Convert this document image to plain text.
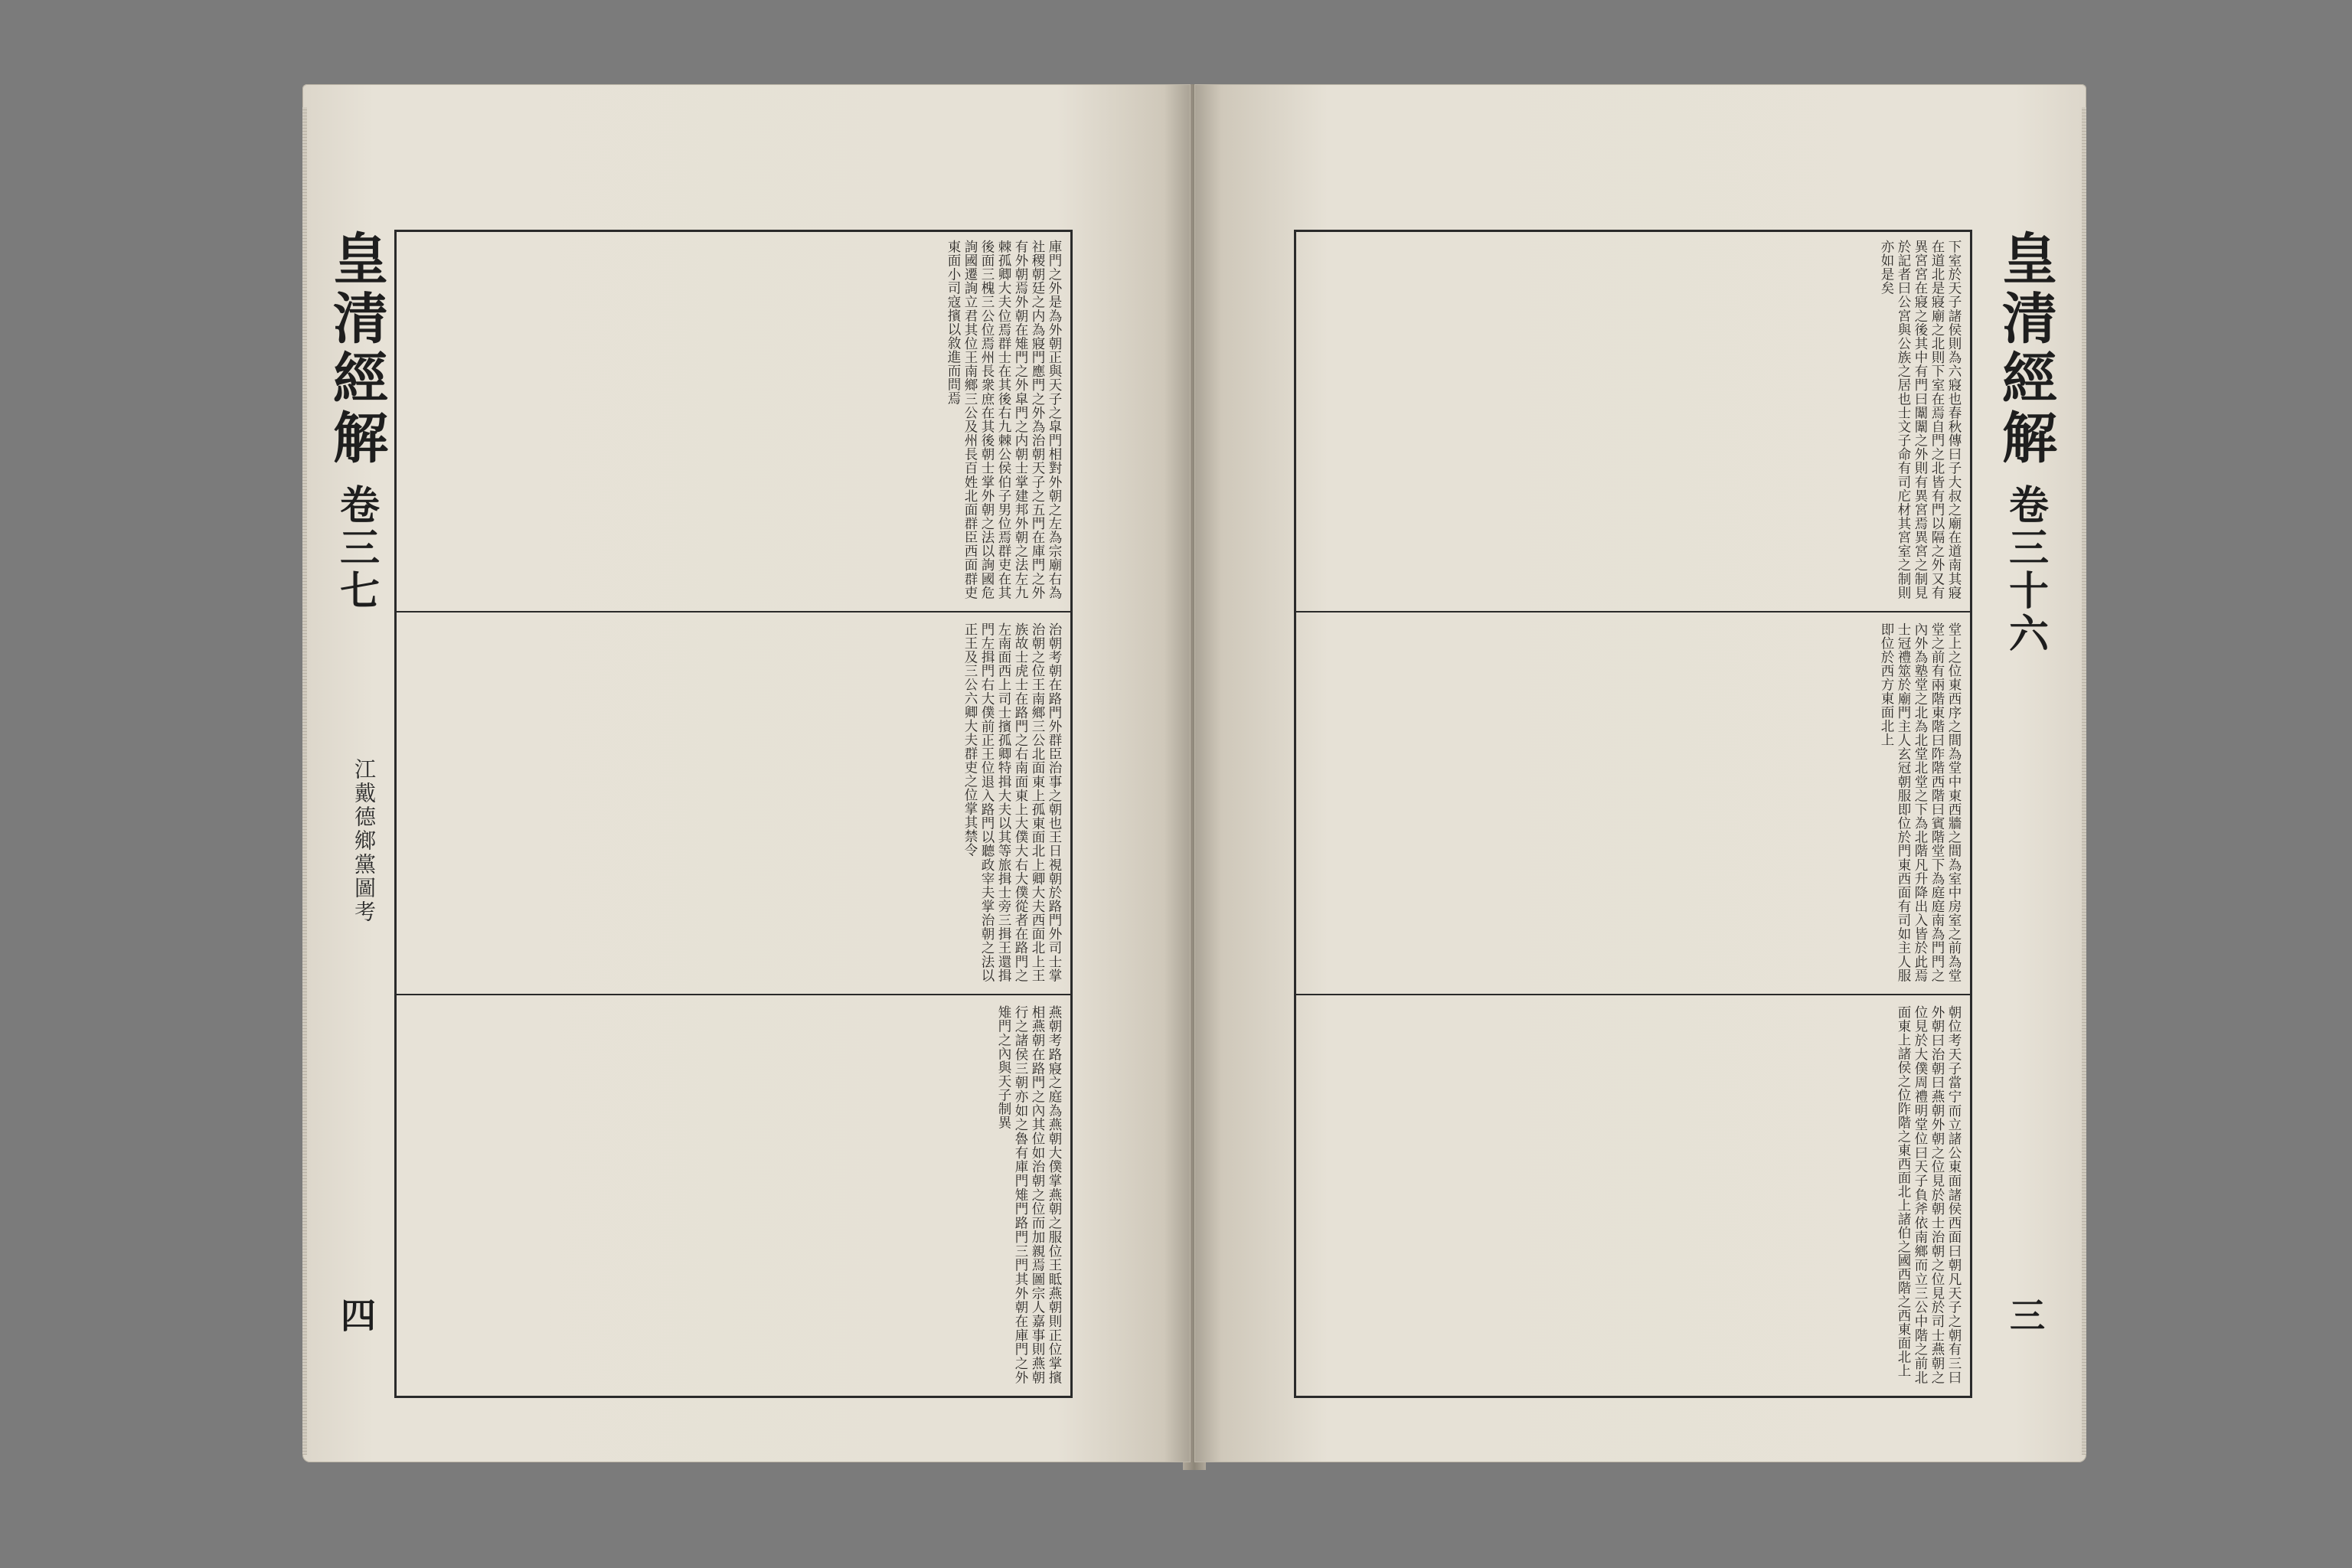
皇清經解
卷三七
四
江戴德鄉黨圖考

庫門之外是為外朝正與天子之皐門相對外朝之左為宗廟右為社稷朝廷之内為寢門應門之外為治朝天子之五門在庫門之外有外朝焉外朝在雉門之外皐門之内朝士掌建邦外朝之法左九棘孤卿大夫位焉群士在其後右九棘公侯伯子男位焉群吏在其後面三槐三公位焉州長衆庶在其後朝士掌外朝之法以詢國危詢國遷詢立君其位王南鄉三公及州長百姓北面群臣西面群吏東面小司寇擯以敘進而問焉

治朝考朝在路門外群臣治事之朝也王日視朝於路門外司士掌治朝之位王南鄉三公北面東上孤東面北上卿大夫西面北上王族故士虎士在路門之右南面東上大僕大右大僕從者在路門之左南面西上司士擯孤卿特揖大夫以其等旅揖士旁三揖王還揖門左揖門右大僕前正王位退入路門以聽政宰夫掌治朝之法以正王及三公六卿大夫群吏之位掌其禁令

燕朝考路寢之庭為燕朝大僕掌燕朝之服位王眡燕朝則正位掌擯相燕朝在路門之內其位如治朝之位而加親焉圖宗人嘉事則燕朝行之諸侯三朝亦如之魯有庫門雉門路門三門其外朝在庫門之外雉門之內與天子制異

皇清經解
卷三十六
三

下室於天子諸侯則為六寢也春秋傳曰子大叔之廟在道南其寢在道北是寢廟之北則下室在焉自門之北皆有門以隔之外又有異宮宮在寢之後其中有門曰闈闈之外則有異宮焉異宮之制見於記者曰公宮與公族之居也士文子命有司庀材其宮室之制則亦如是矣

堂上之位東西序之間為堂中東西牆之間為室中房室之前為堂堂之前有兩階東階曰阼階西階曰賓階堂下為庭庭南為門門之內外為塾堂之北為北堂北堂之下為北階凡升降出入皆於此焉士冠禮筮於廟門主人玄冠朝服即位於門東西面有司如主人服即位於西方東面北上

朝位考天子當宁而立諸公東面諸侯西面曰朝凡天子之朝有三曰外朝曰治朝曰燕朝外朝之位見於朝士治朝之位見於司士燕朝之位見於大僕周禮明堂位曰天子負斧依南鄉而立三公中階之前北面東上諸侯之位阼階之東西面北上諸伯之國西階之西東面北上
